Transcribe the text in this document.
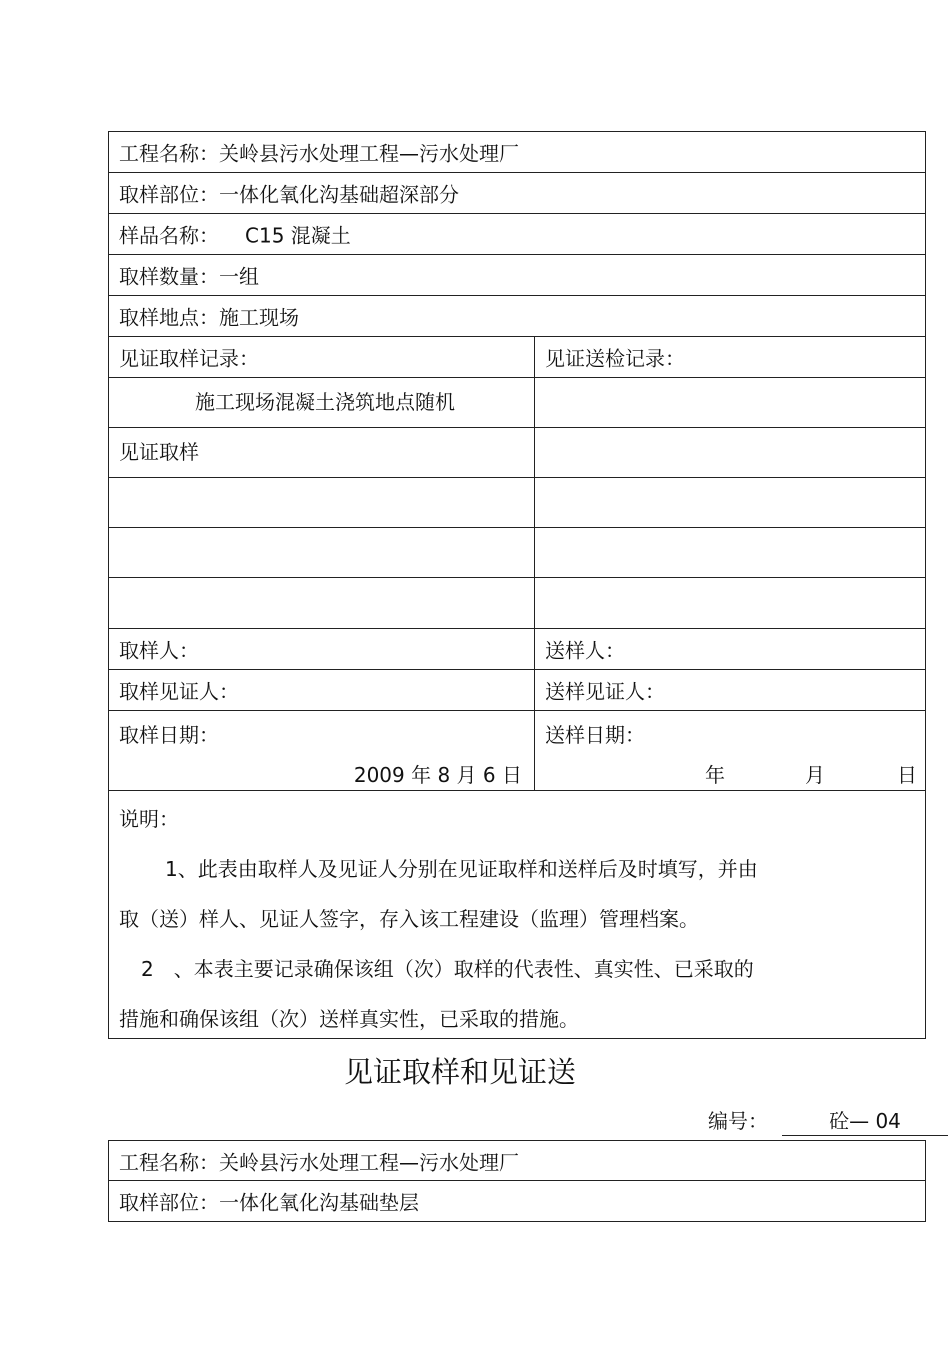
工程名称：关岭县污水处理工程—污水处理厂
取样部位：一体化氧化沟基础超深部分
样品名称： C15 混凝土
取样数量：一组
取样地点：施工现场
见证取样记录：	见证送检记录：
施工现场混凝土浇筑地点随机
见证取样
取样人：	送样人：
取样见证人：	送样见证人：
取样日期：
2009 年 8 月 6 日
送样日期：
年	月	日
说明：
1、此表由取样人及见证人分别在见证取样和送样后及时填写，并由
取（送）样人、见证人签字，存入该工程建设（监理）管理档案。
2　、本表主要记录确保该组（次）取样的代表性、真实性、已采取的
措施和确保该组（次）送样真实性，已采取的措施。
见证取样和见证送
编号：	砼— 04
工程名称：关岭县污水处理工程—污水处理厂
取样部位：一体化氧化沟基础垫层
